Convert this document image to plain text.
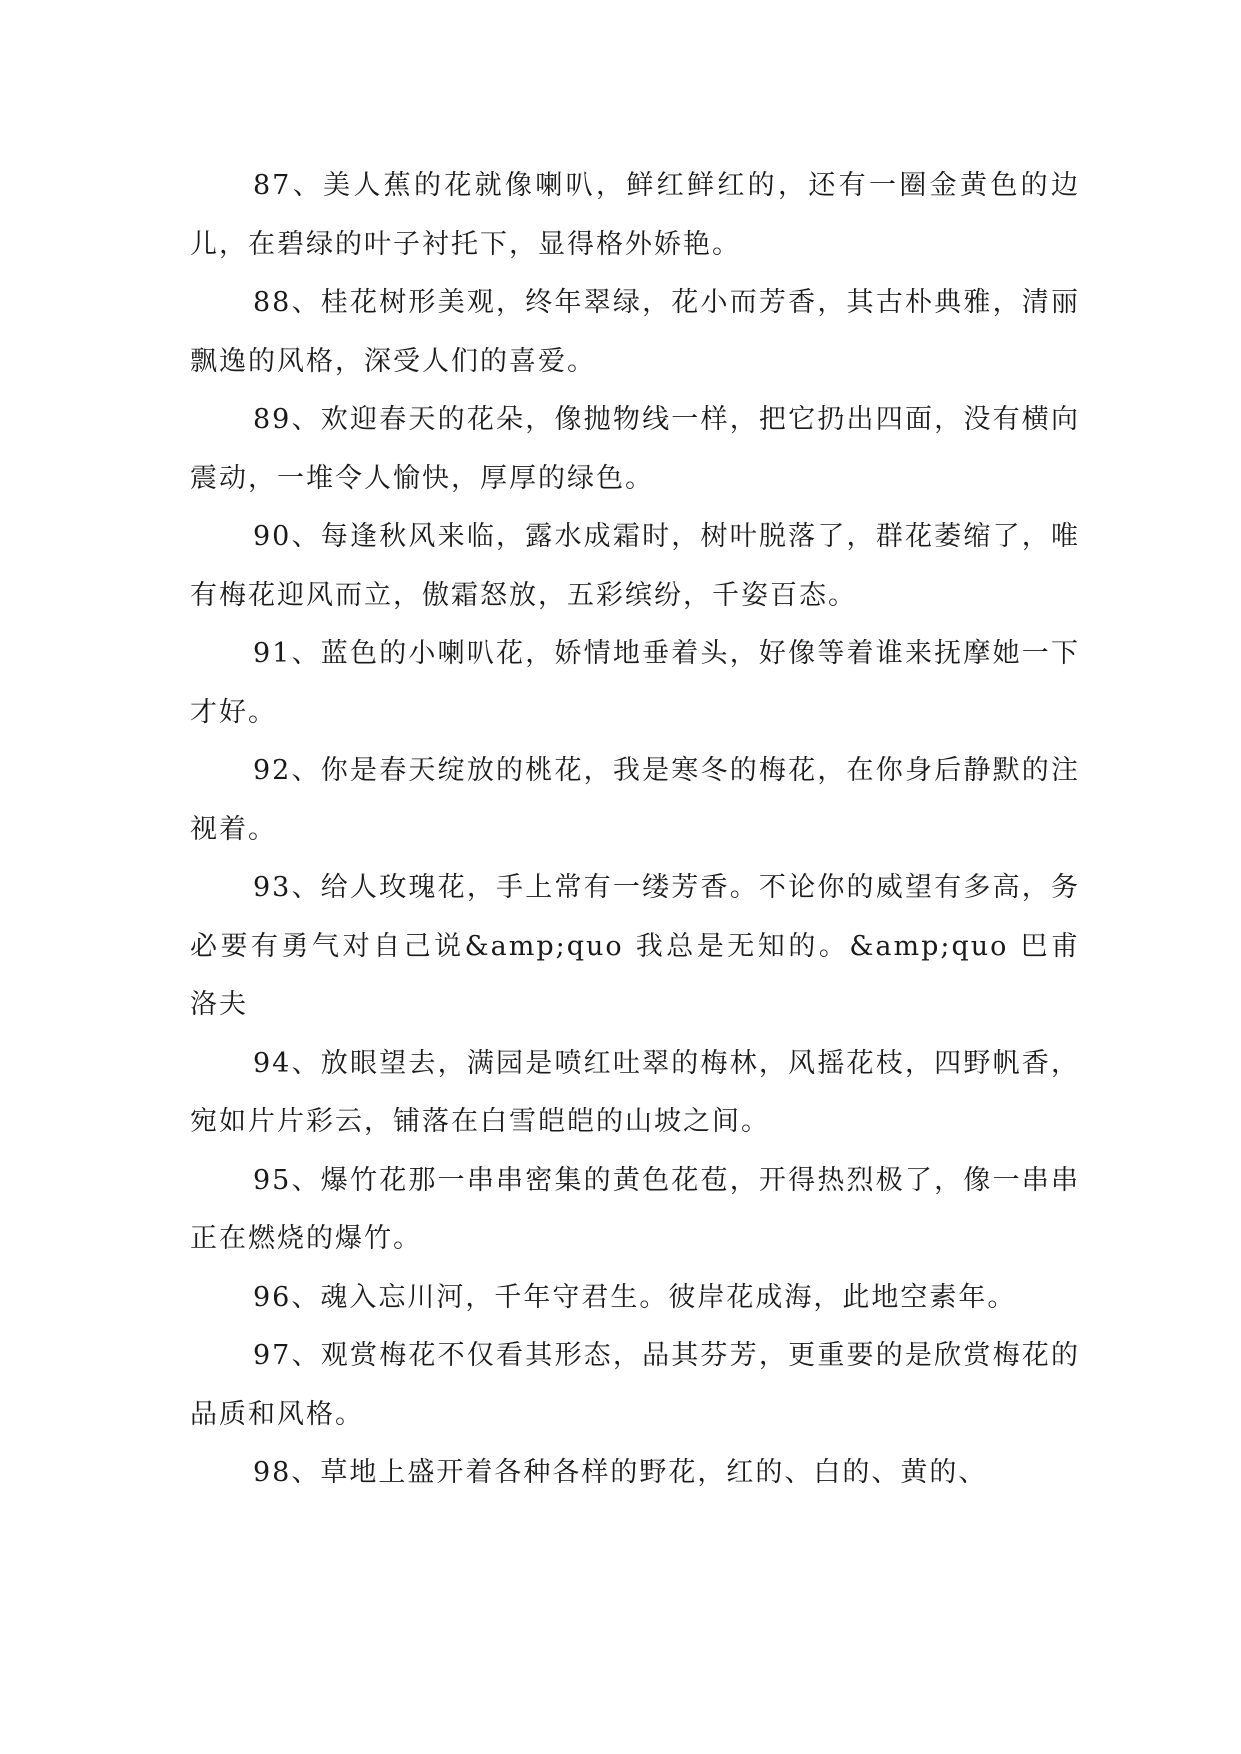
87、美人蕉的花就像喇叭，鲜红鲜红的，还有一圈金黄色的边儿，在碧绿的叶子衬托下，显得格外娇艳。

88、桂花树形美观，终年翠绿，花小而芳香，其古朴典雅，清丽飘逸的风格，深受人们的喜爱。

89、欢迎春天的花朵，像抛物线一样，把它扔出四面，没有横向震动，一堆令人愉快，厚厚的绿色。

90、每逢秋风来临，露水成霜时，树叶脱落了，群花萎缩了，唯有梅花迎风而立，傲霜怒放，五彩缤纷，千姿百态。

91、蓝色的小喇叭花，娇情地垂着头，好像等着谁来抚摩她一下才好。

92、你是春天绽放的桃花，我是寒冬的梅花，在你身后静默的注视着。

93、给人玫瑰花，手上常有一缕芳香。不论你的威望有多高，务必要有勇气对自己说&amp;quo 我总是无知的。&amp;quo 巴甫洛夫

94、放眼望去，满园是喷红吐翠的梅林，风摇花枝，四野帆香，宛如片片彩云，铺落在白雪皑皑的山坡之间。

95、爆竹花那一串串密集的黄色花苞，开得热烈极了，像一串串正在燃烧的爆竹。

96、魂入忘川河，千年守君生。彼岸花成海，此地空素年。

97、观赏梅花不仅看其形态，品其芬芳，更重要的是欣赏梅花的品质和风格。

98、草地上盛开着各种各样的野花，红的、白的、黄的、
